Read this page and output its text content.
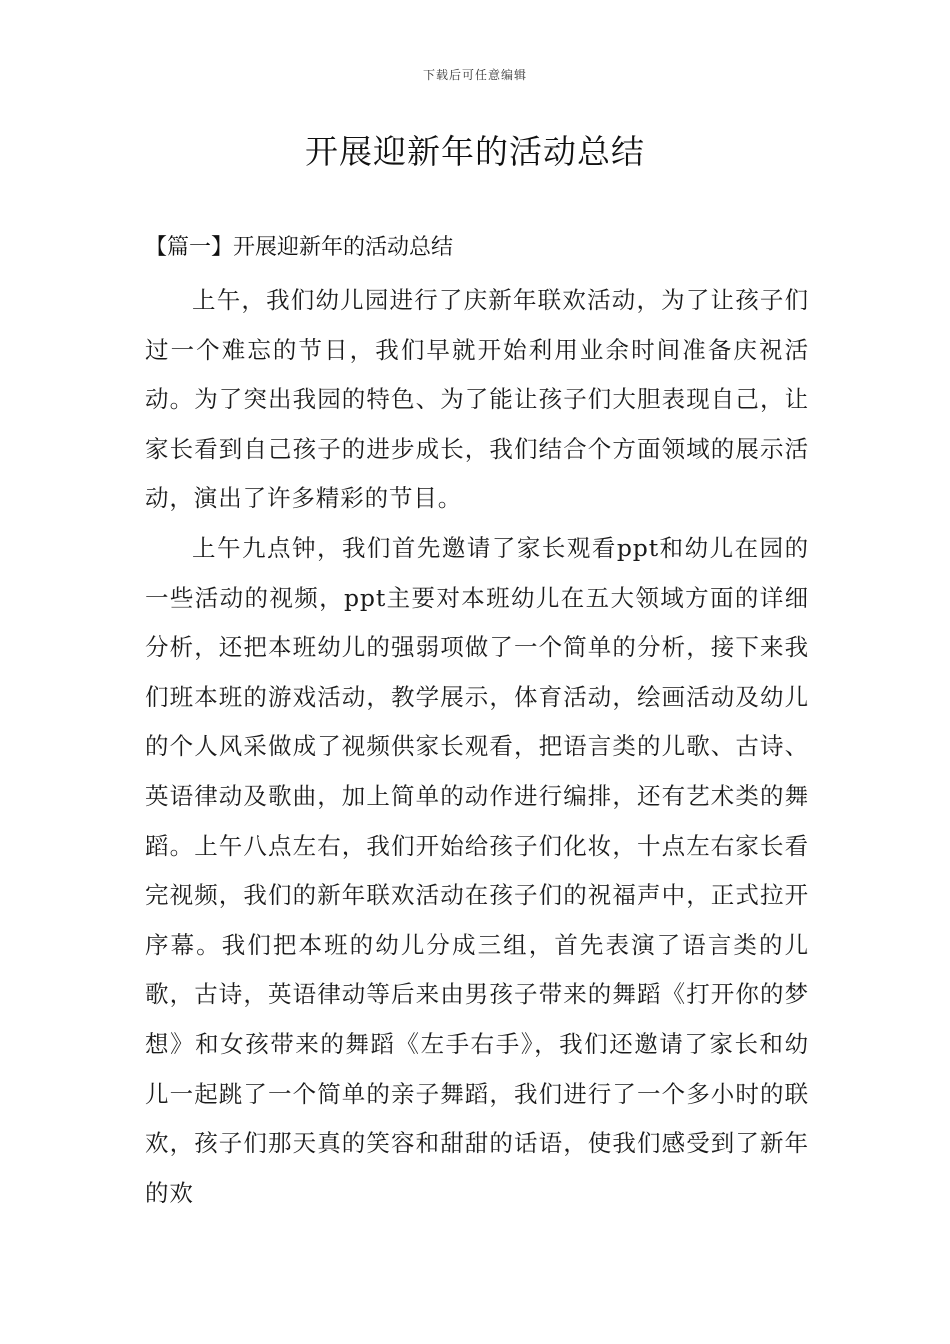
下载后可任意编辑
开展迎新年的活动总结
【篇一】开展迎新年的活动总结

上午，我们幼儿园进行了庆新年联欢活动，为了让孩子们过一个难忘的节日，我们早就开始利用业余时间准备庆祝活动。为了突出我园的特色、为了能让孩子们大胆表现自己，让家长看到自己孩子的进步成长，我们结合个方面领域的展示活动，演出了许多精彩的节目。

上午九点钟，我们首先邀请了家长观看ppt和幼儿在园的一些活动的视频，ppt主要对本班幼儿在五大领域方面的详细分析，还把本班幼儿的强弱项做了一个简单的分析，接下来我们班本班的游戏活动，教学展示，体育活动，绘画活动及幼儿的个人风采做成了视频供家长观看，把语言类的儿歌、古诗、英语律动及歌曲，加上简单的动作进行编排，还有艺术类的舞蹈。上午八点左右，我们开始给孩子们化妆，十点左右家长看完视频，我们的新年联欢活动在孩子们的祝福声中，正式拉开序幕。我们把本班的幼儿分成三组，首先表演了语言类的儿歌，古诗，英语律动等后来由男孩子带来的舞蹈《打开你的梦想》和女孩带来的舞蹈《左手右手》，我们还邀请了家长和幼儿一起跳了一个简单的亲子舞蹈，我们进行了一个多小时的联欢，孩子们那天真的笑容和甜甜的话语，使我们感受到了新年的欢
